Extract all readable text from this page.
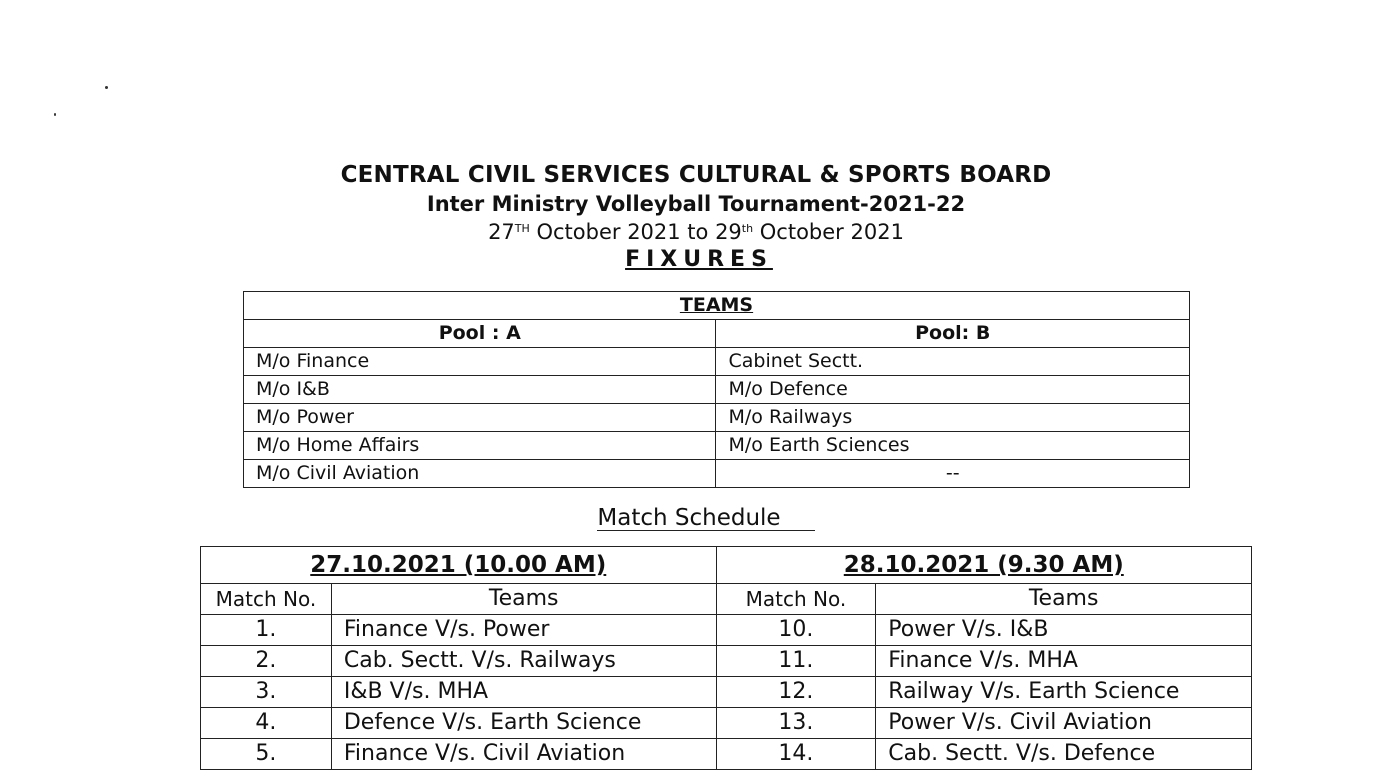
CENTRAL CIVIL SERVICES CULTURAL & SPORTS BOARD
Inter Ministry Volleyball Tournament-2021-22
27TH October 2021 to 29th October 2021
FIXURES
TEAMS	
Pool : A	Pool: B
M/o Finance	Cabinet Sectt.
M/o I&B	M/o Defence
M/o Power	M/o Railways
M/o Home Affairs	M/o Earth Sciences
M/o Civil Aviation	--
Match Schedule
27.10.2021 (10.00 AM)		28.10.2021 (9.30 AM)	
Match No.	Teams	Match No.	Teams
1.	Finance V/s. Power	10.	Power V/s. I&B
2.	Cab. Sectt. V/s. Railways	11.	Finance V/s. MHA
3.	I&B V/s. MHA	12.	Railway V/s. Earth Science
4.	Defence V/s. Earth Science	13.	Power V/s. Civil Aviation
5.	Finance V/s. Civil Aviation	14.	Cab. Sectt. V/s. Defence
